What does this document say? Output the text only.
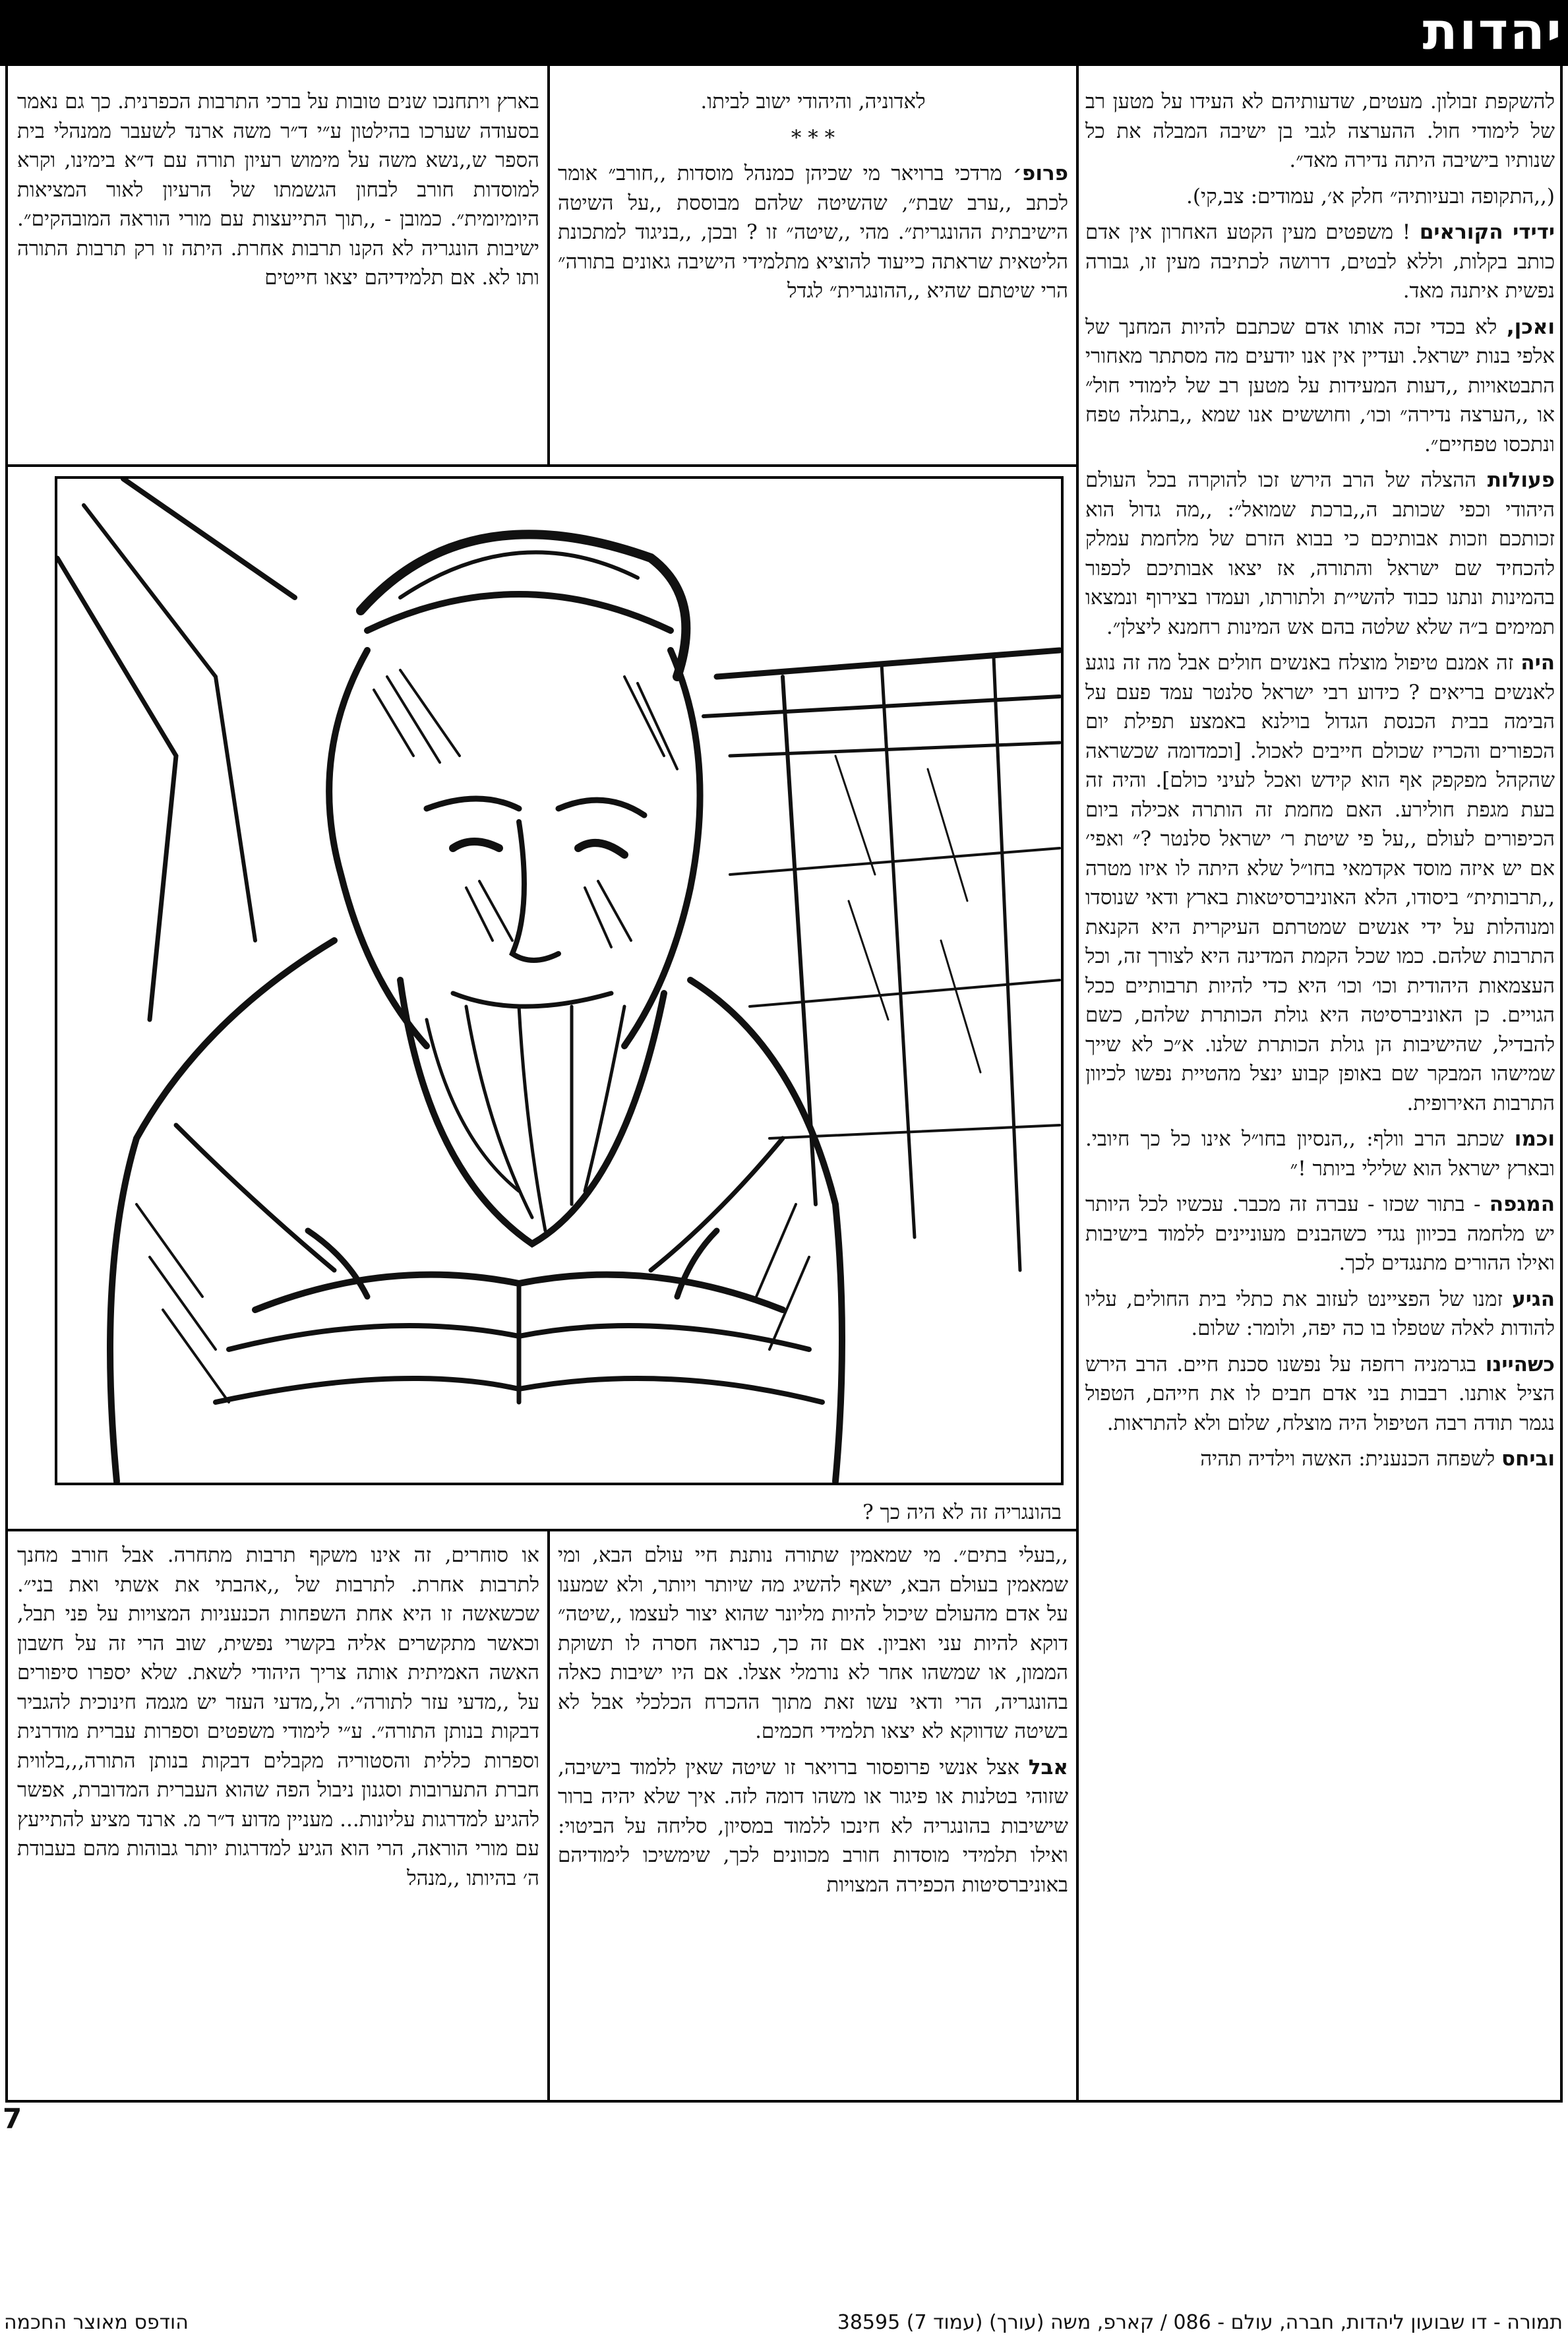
יהדות

להשקפת זבולון. מעטים, שדעותיהם לא העידו על מטען רב של לימודי חול. ההערצה לגבי בן ישיבה המבלה את כל שנותיו בישיבה היתה נדירה מאד״.

(,,התקופה ובעיותיה״ חלק א׳, עמודים: צב,קי).

ידידי הקוראים ! משפטים מעין הקטע האחרון אין אדם כותב בקלות, וללא לבטים, דרושה לכתיבה מעין זו, גבורה נפשית איתנה מאד.

ואכן, לא בכדי זכה אותו אדם שכתבם להיות המחנך של אלפי בנות ישראל. ועדיין אין אנו יודעים מה מסתתר מאחורי התבטאויות ,,דעות המעידות על מטען רב של לימודי חול״ או ,,הערצה נדירה״ וכו׳, וחוששים אנו שמא ,,בתגלה טפח ונתכסו טפחיים״.

פעולות ההצלה של הרב הירש זכו להוקרה בכל העולם היהודי וכפי שכותב ה,,ברכת שמואל״: ,,מה גדול הוא זכותכם וזכות אבותיכם כי בבוא הזרם של מלחמת עמלק להכחיד שם ישראל והתורה, אז יצאו אבותיכם לכפור בהמינות ונתנו כבוד להשי״ת ולתורתו, ועמדו בצירוף ונמצאו תמימים ב״ה שלא שלטה בהם אש המינות רחמנא ליצלן״.

היה זה אמנם טיפול מוצלח באנשים חולים אבל מה זה נוגע לאנשים בריאים ? כידוע רבי ישראל סלנטר עמד פעם על הבימה בבית הכנסת הגדול בוילנא באמצע תפילת יום הכפורים והכריז שכולם חייבים לאכול. [וכמדומה שכשראה שהקהל מפקפק אף הוא קידש ואכל לעיני כולם]. והיה זה בעת מגפת חולירע. האם מחמת זה הותרה אכילה ביום הכיפורים לעולם ,,על פי שיטת ר׳ ישראל סלנטר ?״ ואפי׳ אם יש איזה מוסד אקדמאי בחו״ל שלא היתה לו איזו מטרה ,,תרבותית״ ביסודו, הלא האוניברסיטאות בארץ ודאי שנוסדו ומנוהלות על ידי אנשים שמטרתם העיקרית היא הקנאת התרבות שלהם. כמו שכל הקמת המדינה היא לצורך זה, וכל העצמאות היהודית וכו׳ וכו׳ היא כדי להיות תרבותיים ככל הגויים. כן האוניברסיטה היא גולת הכותרת שלהם, כשם להבדיל, שהישיבות הן גולת הכותרת שלנו. א״כ לא שייך שמישהו המבקר שם באופן קבוע ינצל מהטיית נפשו לכיוון התרבות האירופית.

וכמו שכתב הרב וולף: ,,הנסיון בחו״ל אינו כל כך חיובי. ובארץ ישראל הוא שלילי ביותר !״

המגפה - בתור שכזו - עברה זה מכבר. עכשיו לכל היותר יש מלחמה בכיוון נגדי כשהבנים מעוניינים ללמוד בישיבות ואילו ההורים מתנגדים לכך.

הגיע זמנו של הפציינט לעזוב את כתלי בית החולים, עליו להודות לאלה שטפלו בו כה יפה, ולומר: שלום.

כשהיינו בגרמניה רחפה על נפשנו סכנת חיים. הרב הירש הציל אותנו. רבבות בני אדם חבים לו את חייהם, הטפול נגמר תודה רבה הטיפול היה מוצלח, שלום ולא להתראות.

וביחס לשפחה הכנענית: האשה וילדיה תהיה

לאדוניה, והיהודי ישוב לביתו.

* * *

פרופ׳ מרדכי ברויאר מי שכיהן כמנהל מוסדות ,,חורב״ אומר לכתב ,,ערב שבת״, שהשיטה שלהם מבוססת ,,על השיטה הישיבתית ההונגרית״. מהי ,,שיטה״ זו ? ובכן, ,,בניגוד למתכונת הליטאית שראתה כייעוד להוציא מתלמידי הישיבה גאונים בתורה״ הרי שיטתם שהיא ,,ההונגרית״ לגדל

בארץ ויתחנכו שנים טובות על ברכי התרבות הכפרנית. כך גם נאמר בסעודה שערכו בהילטון ע״י ד״ר משה ארנד לשעבר ממנהלי בית הספר ש,,נשא משה על מימוש רעיון תורה עם ד״א בימינו, וקרא למוסדות חורב לבחון הגשמתו של הרעיון לאור המציאות היומיומית״. כמובן - ,,תוך התייעצות עם מורי הוראה המובהקים״. ישיבות הונגריה לא הקנו תרבות אחרת. היתה זו רק תרבות התורה ותו לא. אם תלמידיהם יצאו חייטים

בהונגריה זה לא היה כך ?

,,בעלי בתים״. מי שמאמין שתורה נותנת חיי עולם הבא, ומי שמאמין בעולם הבא, ישאף להשיג מה שיותר ויותר, ולא שמענו על אדם מהעולם שיכול להיות מליונר שהוא יצור לעצמו ,,שיטה״ דוקא להיות עני ואביון. אם זה כך, כנראה חסרה לו תשוקת הממון, או שמשהו אחר לא נורמלי אצלו. אם היו ישיבות כאלה בהונגריה, הרי ודאי עשו זאת מתוך ההכרח הכלכלי אבל לא בשיטה שדווקא לא יצאו תלמידי חכמים.

אבל אצל אנשי פרופסור ברויאר זו שיטה שאין ללמוד בישיבה, שזוהי בטלנות או פיגור או משהו דומה לזה. איך שלא יהיה ברור שישיבות בהונגריה לא חינכו ללמוד במסיון, סליחה על הביטוי: ואילו תלמידי מוסדות חורב מכוונים לכך, שימשיכו לימודיהם באוניברסיטות הכפירה המצויות

או סוחרים, זה אינו משקף תרבות מתחרה. אבל חורב מחנך לתרבות אחרת. לתרבות של ,,אהבתי את אשתי ואת בני״. שכשאשה זו היא אחת השפחות הכנעניות המצויות על פני תבל, וכאשר מתקשרים אליה בקשרי נפשית, שוב הרי זה על חשבון האשה האמיתית אותה צריך היהודי לשאת. שלא יספרו סיפורים על ,,מדעי עזר לתורה״. ול,,מדעי העזר יש מגמה חינוכית להגביר דבקות בנותן התורה״. ע״י לימודי משפטים וספרות עברית מודרנית וספרות כללית והסטוריה מקבלים דבקות בנותן התורה,,,בלווית חברת התערובות וסגנון ניבול הפה שהוא העברית המדוברת, אפשר להגיע למדרגות עליונות... מעניין מדוע ד״ר מ. ארנד מציע להתייעץ עם מורי הוראה, הרי הוא הגיע למדרגות יותר גבוהות מהם בעבודת ה׳ בהיותו ,,מנהל

7
תמורה - דו שבועון ליהדות, חברה, עולם - 086 / קארפ, משה (עורך) (עמוד 7) 38595
הודפס מאוצר החכמה
